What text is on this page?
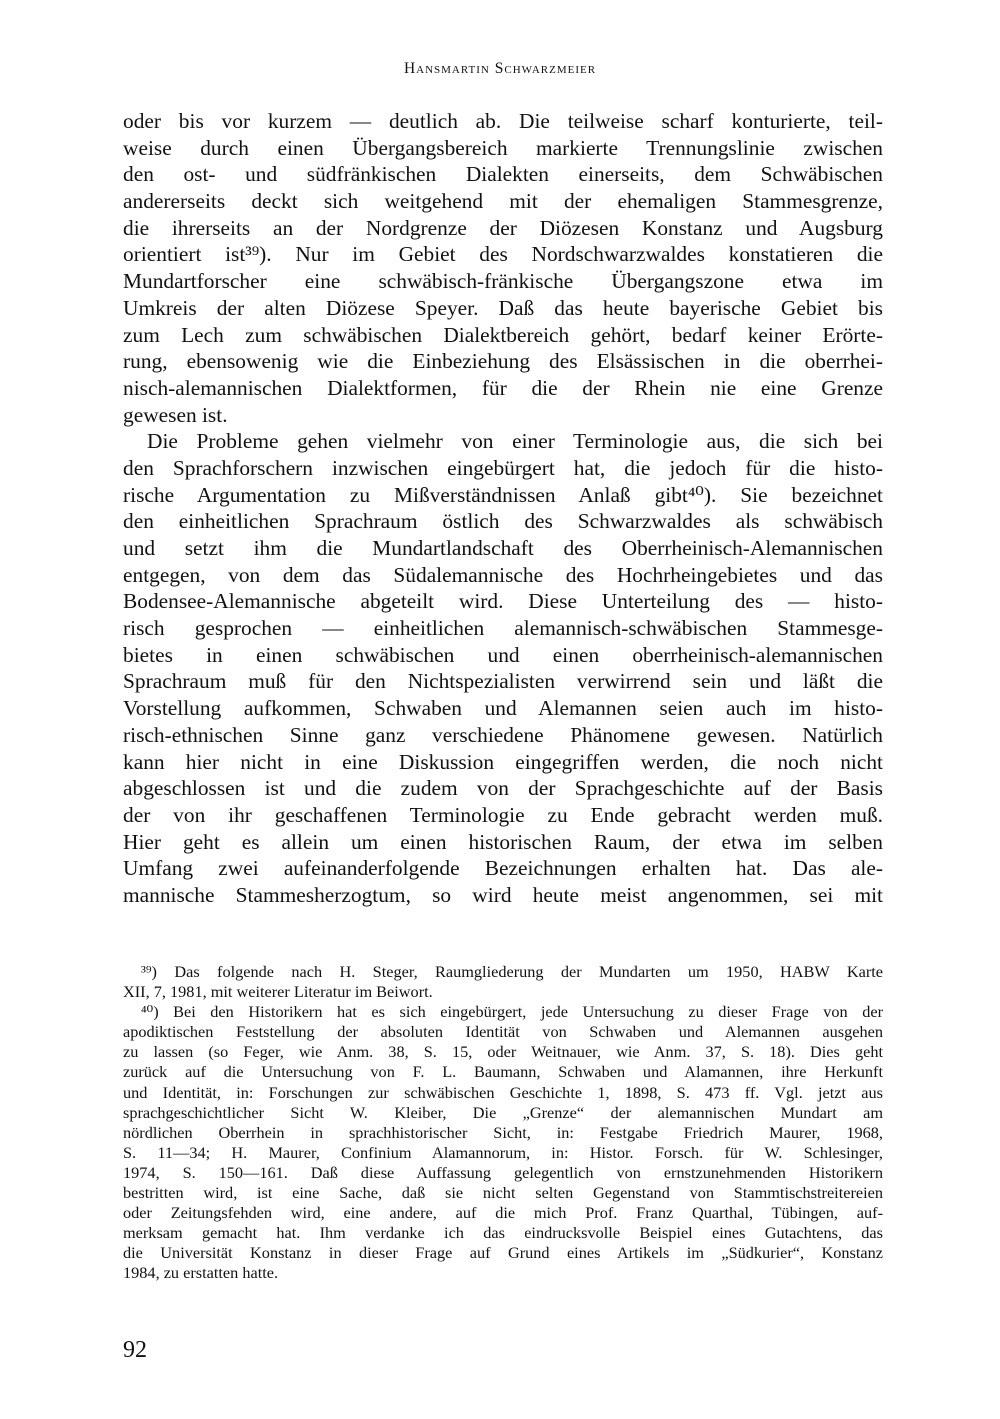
Hansmartin Schwarzmeier
oder bis vor kurzem — deutlich ab. Die teilweise scharf konturierte, teil-
weise durch einen Übergangsbereich markierte Trennungslinie zwischen
den ost- und südfränkischen Dialekten einerseits, dem Schwäbischen
andererseits deckt sich weitgehend mit der ehemaligen Stammesgrenze,
die ihrerseits an der Nordgrenze der Diözesen Konstanz und Augsburg
orientiert ist³⁹). Nur im Gebiet des Nordschwarzwaldes konstatieren die
Mundartforscher eine schwäbisch-fränkische Übergangszone etwa im
Umkreis der alten Diözese Speyer. Daß das heute bayerische Gebiet bis
zum Lech zum schwäbischen Dialektbereich gehört, bedarf keiner Erörte-
rung, ebensowenig wie die Einbeziehung des Elsässischen in die oberrhei-
nisch-alemannischen Dialektformen, für die der Rhein nie eine Grenze
gewesen ist.
Die Probleme gehen vielmehr von einer Terminologie aus, die sich bei
den Sprachforschern inzwischen eingebürgert hat, die jedoch für die histo-
rische Argumentation zu Mißverständnissen Anlaß gibt⁴⁰). Sie bezeichnet
den einheitlichen Sprachraum östlich des Schwarzwaldes als schwäbisch
und setzt ihm die Mundartlandschaft des Oberrheinisch-Alemannischen
entgegen, von dem das Südalemannische des Hochrheingebietes und das
Bodensee-Alemannische abgeteilt wird. Diese Unterteilung des — histo-
risch gesprochen — einheitlichen alemannisch-schwäbischen Stammesge-
bietes in einen schwäbischen und einen oberrheinisch-alemannischen
Sprachraum muß für den Nichtspezialisten verwirrend sein und läßt die
Vorstellung aufkommen, Schwaben und Alemannen seien auch im histo-
risch-ethnischen Sinne ganz verschiedene Phänomene gewesen. Natürlich
kann hier nicht in eine Diskussion eingegriffen werden, die noch nicht
abgeschlossen ist und die zudem von der Sprachgeschichte auf der Basis
der von ihr geschaffenen Terminologie zu Ende gebracht werden muß.
Hier geht es allein um einen historischen Raum, der etwa im selben
Umfang zwei aufeinanderfolgende Bezeichnungen erhalten hat. Das ale-
mannische Stammesherzogtum, so wird heute meist angenommen, sei mit
³⁹) Das folgende nach H. Steger, Raumgliederung der Mundarten um 1950, HABW Karte
XII, 7, 1981, mit weiterer Literatur im Beiwort.
⁴⁰) Bei den Historikern hat es sich eingebürgert, jede Untersuchung zu dieser Frage von der
apodiktischen Feststellung der absoluten Identität von Schwaben und Alemannen ausgehen
zu lassen (so Feger, wie Anm. 38, S. 15, oder Weitnauer, wie Anm. 37, S. 18). Dies geht
zurück auf die Untersuchung von F. L. Baumann, Schwaben und Alamannen, ihre Herkunft
und Identität, in: Forschungen zur schwäbischen Geschichte 1, 1898, S. 473 ff. Vgl. jetzt aus
sprachgeschichtlicher Sicht W. Kleiber, Die „Grenze“ der alemannischen Mundart am
nördlichen Oberrhein in sprachhistorischer Sicht, in: Festgabe Friedrich Maurer, 1968,
S. 11—34; H. Maurer, Confinium Alamannorum, in: Histor. Forsch. für W. Schlesinger,
1974, S. 150—161. Daß diese Auffassung gelegentlich von ernstzunehmenden Historikern
bestritten wird, ist eine Sache, daß sie nicht selten Gegenstand von Stammtischstreitereien
oder Zeitungsfehden wird, eine andere, auf die mich Prof. Franz Quarthal, Tübingen, auf-
merksam gemacht hat. Ihm verdanke ich das eindrucksvolle Beispiel eines Gutachtens, das
die Universität Konstanz in dieser Frage auf Grund eines Artikels im „Südkurier“, Konstanz
1984, zu erstatten hatte.
92
